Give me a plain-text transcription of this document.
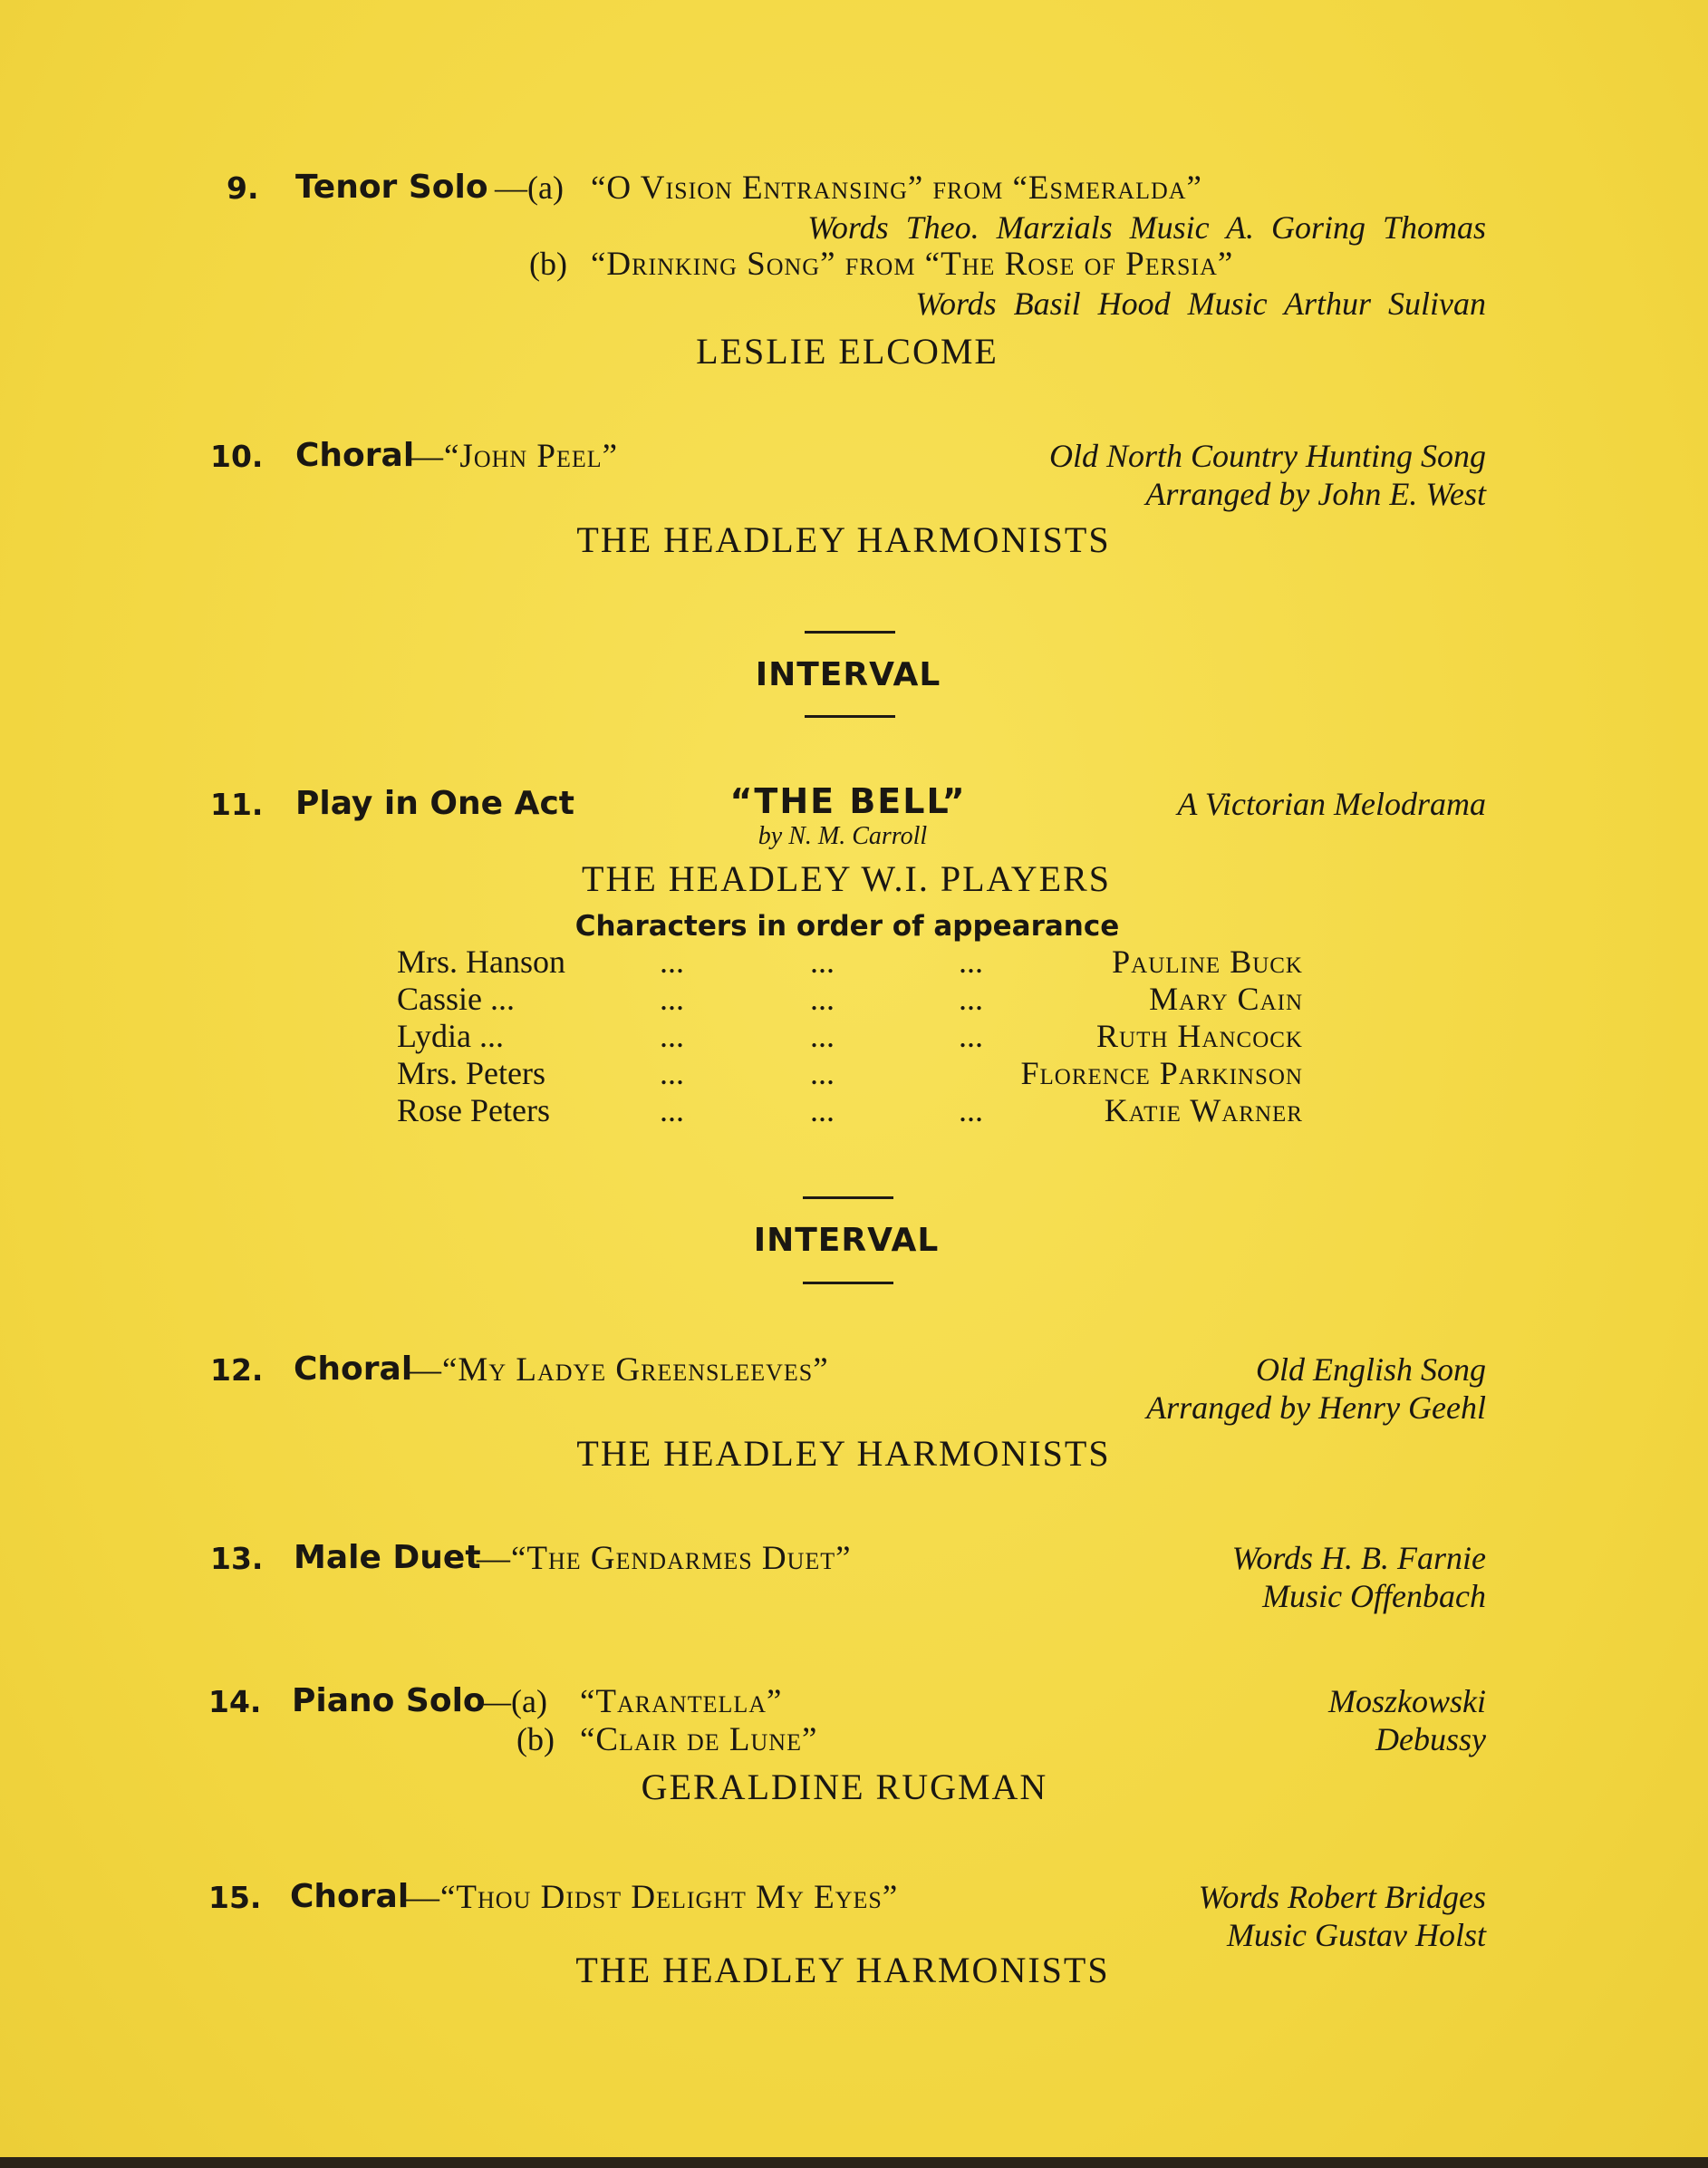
9. Tenor Solo —(a) “O Vision Entransing” from “Esmeralda”
Words Theo. Marzials Music A. Goring Thomas
(b) “Drinking Song” from “The Rose of Persia”
Words Basil Hood Music Arthur Sulivan
LESLIE ELCOME
10. Choral
—“John Peel”	Old North Country Hunting Song
Arranged by John E. West
THE HEADLEY HARMONISTS
INTERVAL
11. Play in One Act	“THE BELL”	A Victorian Melodrama
by N. M. Carroll
THE HEADLEY W.I. PLAYERS
Characters in order of appearance
Mrs. Hanson	...	...	...	Pauline Buck
Cassie ...	...	...	...	Mary Cain
Lydia ...	...	...	...	Ruth Hancock
Mrs. Peters	...	...	Florence Parkinson
Rose Peters	...	...	...	Katie Warner
INTERVAL
12. Choral
—“My Ladye Greensleeves”	Old English Song
Arranged by Henry Geehl
THE HEADLEY HARMONISTS
13. Male Duet
—“The Gendarmes Duet”	Words H. B. Farnie
Music Offenbach
14. Piano Solo
—(a) “Tarantella”	Moszkowski
(b) “Clair de Lune”	Debussy
GERALDINE RUGMAN
15. Choral
—“Thou Didst Delight My Eyes”	Words Robert Bridges
Music Gustav Holst
THE HEADLEY HARMONISTS
